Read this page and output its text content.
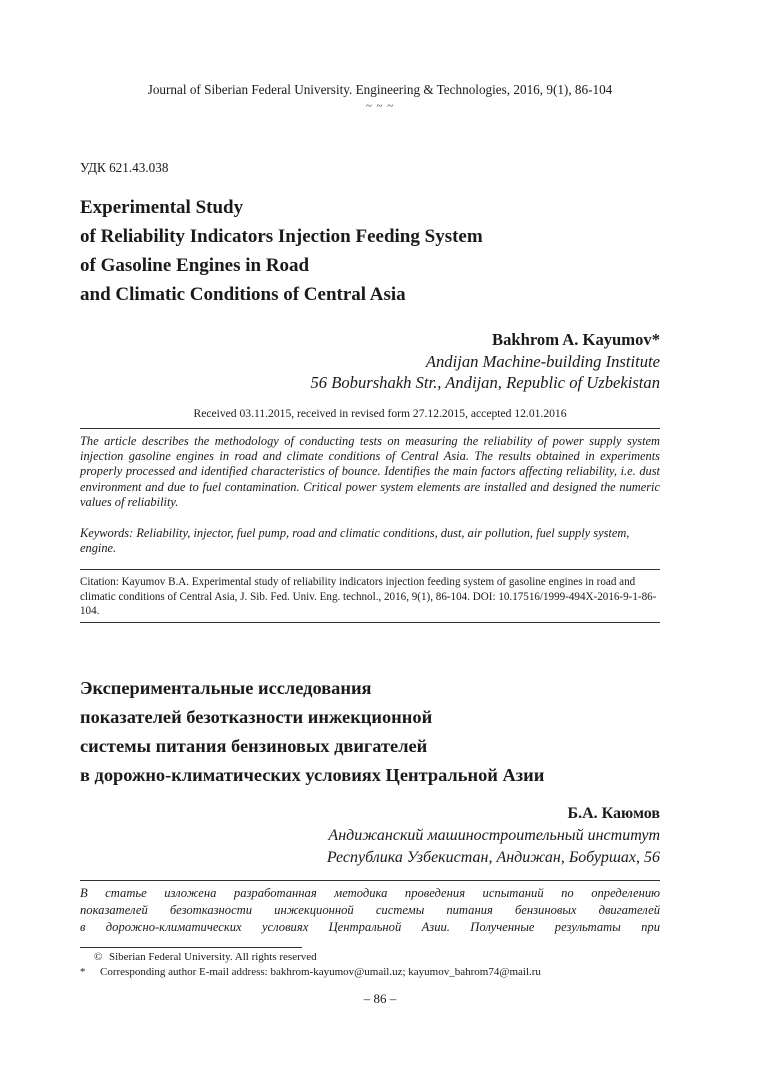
Journal of Siberian Federal University. Engineering & Technologies, 2016, 9(1), 86-104
~ ~ ~
УДК 621.43.038
Experimental Study
of Reliability Indicators Injection Feeding System
of Gasoline Engines in Road
and Climatic Conditions of Central Asia
Bakhrom A. Kayumov*
Andijan Machine-building Institute
56 Boburshakh Str., Andijan, Republic of Uzbekistan
Received 03.11.2015, received in revised form 27.12.2015, accepted 12.01.2016
The article describes the methodology of conducting tests on measuring the reliability of power supply system injection gasoline engines in road and climate conditions of Central Asia. The results obtained in experiments properly processed and identified characteristics of bounce. Identifies the main factors affecting reliability, i.e. dust environment and due to fuel contamination. Critical power system elements are installed and designed the numeric values of reliability.
Keywords: Reliability, injector, fuel pump, road and climatic conditions, dust, air pollution, fuel supply system, engine.
Citation: Kayumov B.A. Experimental study of reliability indicators injection feeding system of gasoline engines in road and climatic conditions of Central Asia, J. Sib. Fed. Univ. Eng. technol., 2016, 9(1), 86-104. DOI: 10.17516/1999-494X-2016-9-1-86-104.
Экспериментальные исследования
показателей безотказности инжекционной
системы питания бензиновых двигателей
в дорожно-климатических условиях Центральной Азии
Б.А. Каюмов
Андижанский машиностроительный институт
Республика Узбекистан, Андижан, Бобуршах, 56
В статье изложена разработанная методика проведения испытаний по определению
показателей безотказности инжекционной системы питания бензиновых двигателей
в дорожно-климатических условиях Центральной Азии. Полученные результаты при
© Siberian Federal University. All rights reserved
* Corresponding author E-mail address: bakhrom-kayumov@umail.uz; kayumov_bahrom74@mail.ru
– 86 –
